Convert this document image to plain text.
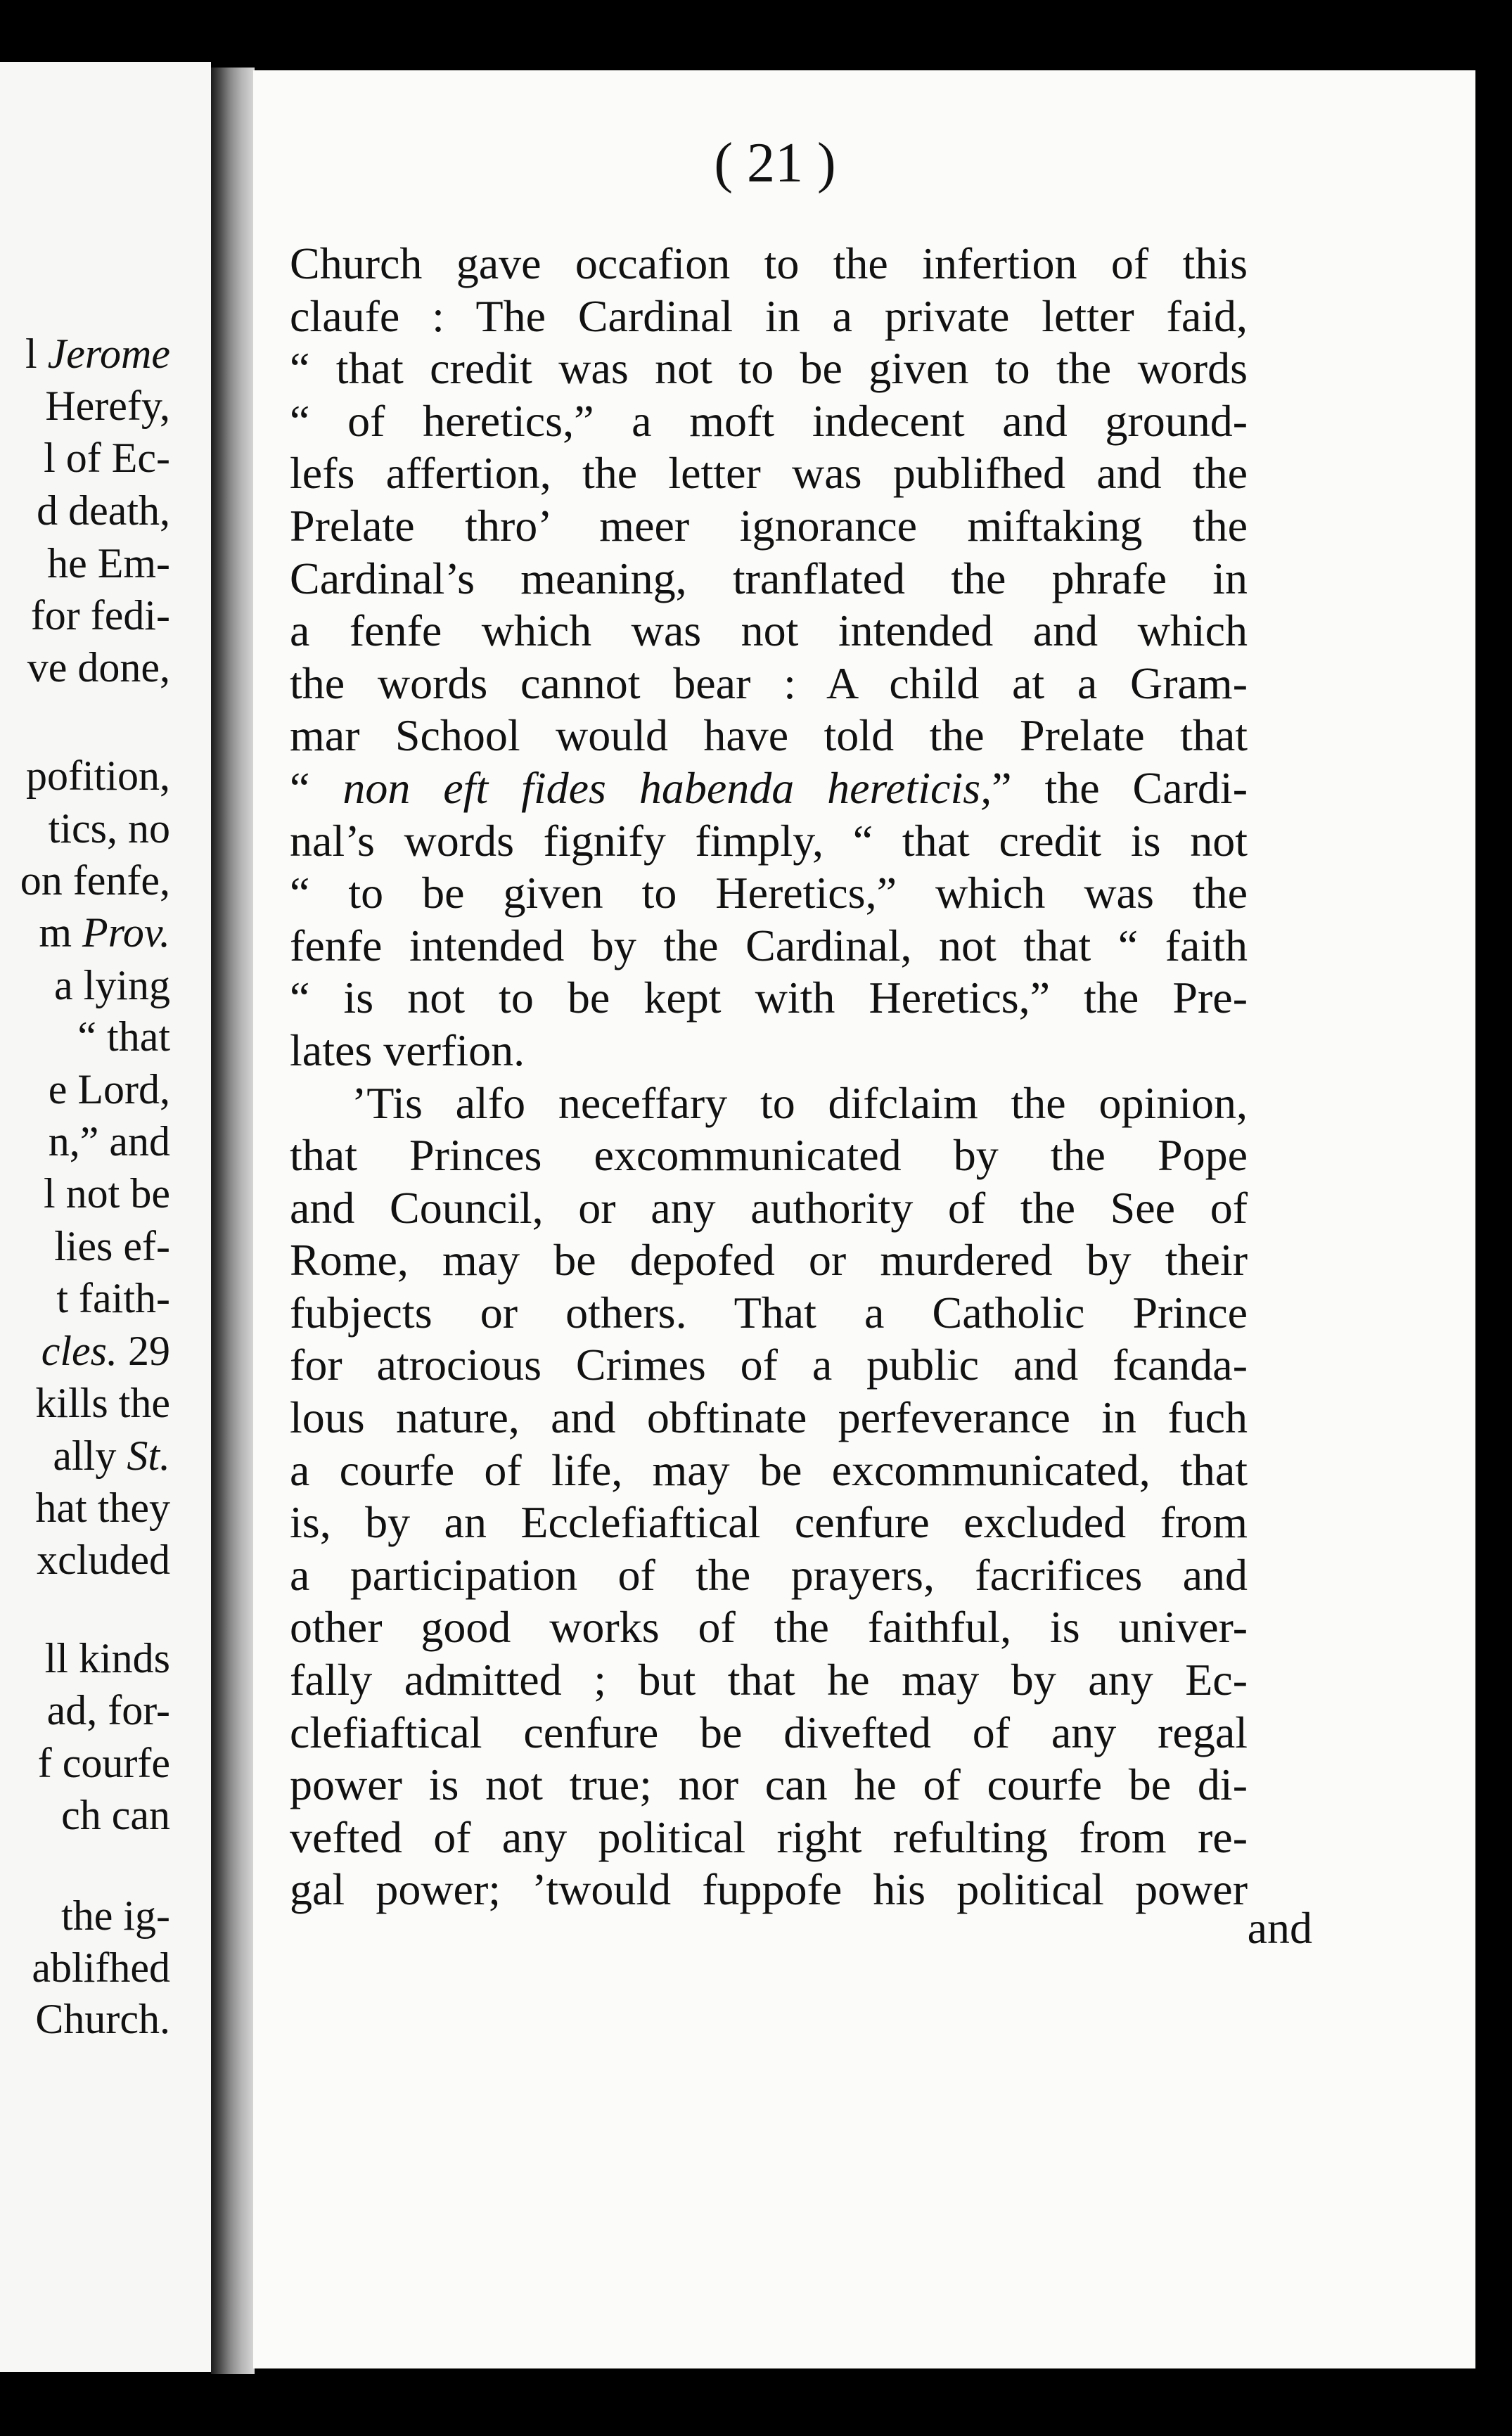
l Jerome
Herefy,
l of Ec-
d death,
he Em-
for fedi-
ve done,
pofition,
tics, no
on fenfe,
m Prov.
a lying
“ that
e Lord,
n,” and
l not be
lies ef-
t faith-
cles. 29
kills the
ally St.
hat they
xcluded
ll kinds
ad, for-
f courfe
ch can
the ig-
ablifhed
Church.
( 21 )
Church gave occafion to the infertion of this
claufe : The Cardinal in a private letter faid,
“ that credit was not to be given to the words
“ of heretics,” a moft indecent and ground-
lefs affertion, the letter was publifhed and the
Prelate thro’ meer ignorance miftaking the
Cardinal’s meaning, tranflated the phrafe in
a fenfe which was not intended and which
the words cannot bear : A child at a Gram-
mar School would have told the Prelate that
“ non eft fides habenda hereticis,” the Cardi-
nal’s words fignify fimply, “ that credit is not
“ to be given to Heretics,” which was the
fenfe intended by the Cardinal, not that “ faith
“ is not to be kept with Heretics,” the Pre-
lates verfion.
’Tis alfo neceffary to difclaim the opinion,
that Princes excommunicated by the Pope
and Council, or any authority of the See of
Rome, may be depofed or murdered by their
fubjects or others. That a Catholic Prince
for atrocious Crimes of a public and fcanda-
lous nature, and obftinate perfeverance in fuch
a courfe of life, may be excommunicated, that
is, by an Ecclefiaftical cenfure excluded from
a participation of the prayers, facrifices and
other good works of the faithful, is univer-
fally admitted ; but that he may by any Ec-
clefiaftical cenfure be divefted of any regal
power is not true; nor can he of courfe be di-
vefted of any political right refulting from re-
gal power; ’twould fuppofe his political power
and
